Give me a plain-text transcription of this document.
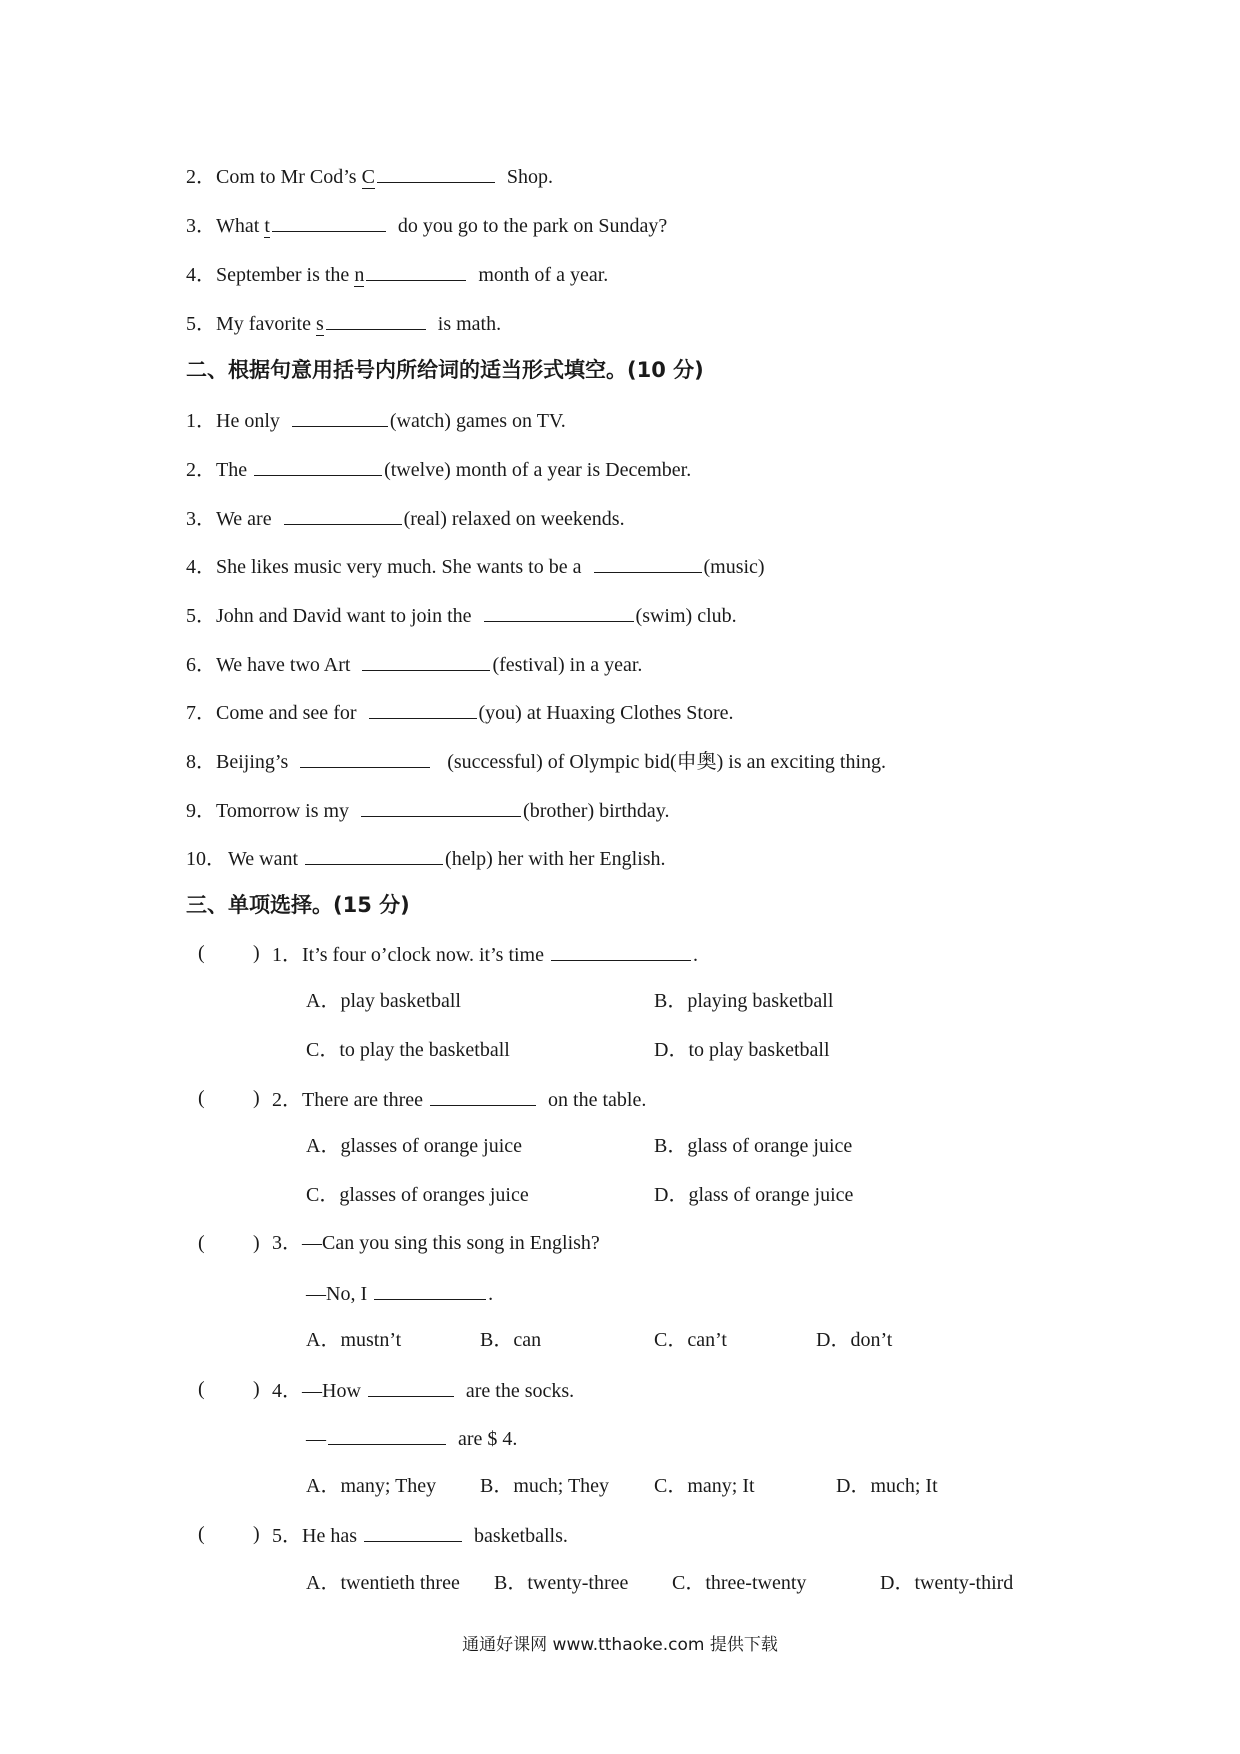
2．Com to Mr Cod’s C	Shop.
3．What t	do you go to the park on Sunday?
4．September is the n	month of a year.
5．My favorite s	is math.
二、根据句意用括号内所给词的适当形式填空。(10 分)
1．He only	(watch) games on TV.
2．The	(twelve) month of a year is December.
3．We are	(real) relaxed on weekends.
4．She likes music very much. She wants to be a	(music)
5．John and David want to join the	(swim) club.
6．We have two Art	(festival) in a year.
7．Come and see for	(you) at Huaxing Clothes Store.
8．Beijing’s	(successful) of Olympic bid(申奥) is an exciting thing.
9．Tomorrow is my	(brother) birthday.
10． We want	(help) her with her English.
三、单项选择。(15 分)
( ) 1．It’s four o’clock now. it’s time	.
A．play basketball	B．playing basketball
C．to play the basketball	D．to play basketball
( ) 2．There are three	on the table.
A．glasses of orange juice	B．glass of orange juice
C．glasses of oranges juice	D．glass of orange juice
( ) 3．—Can you sing this song in English?
—No, I	.
A．mustn’t	B．can	C．can’t	D．don’t
( ) 4．—How	are the socks.
—	are $ 4.
A．many; They B．much; They C．many; It	D．much; It
( ) 5．He has	basketballs.
A．twentieth three B．twenty-three C．three-twenty	D．twenty-third
通通好课网 www.tthaoke.com 提供下载
